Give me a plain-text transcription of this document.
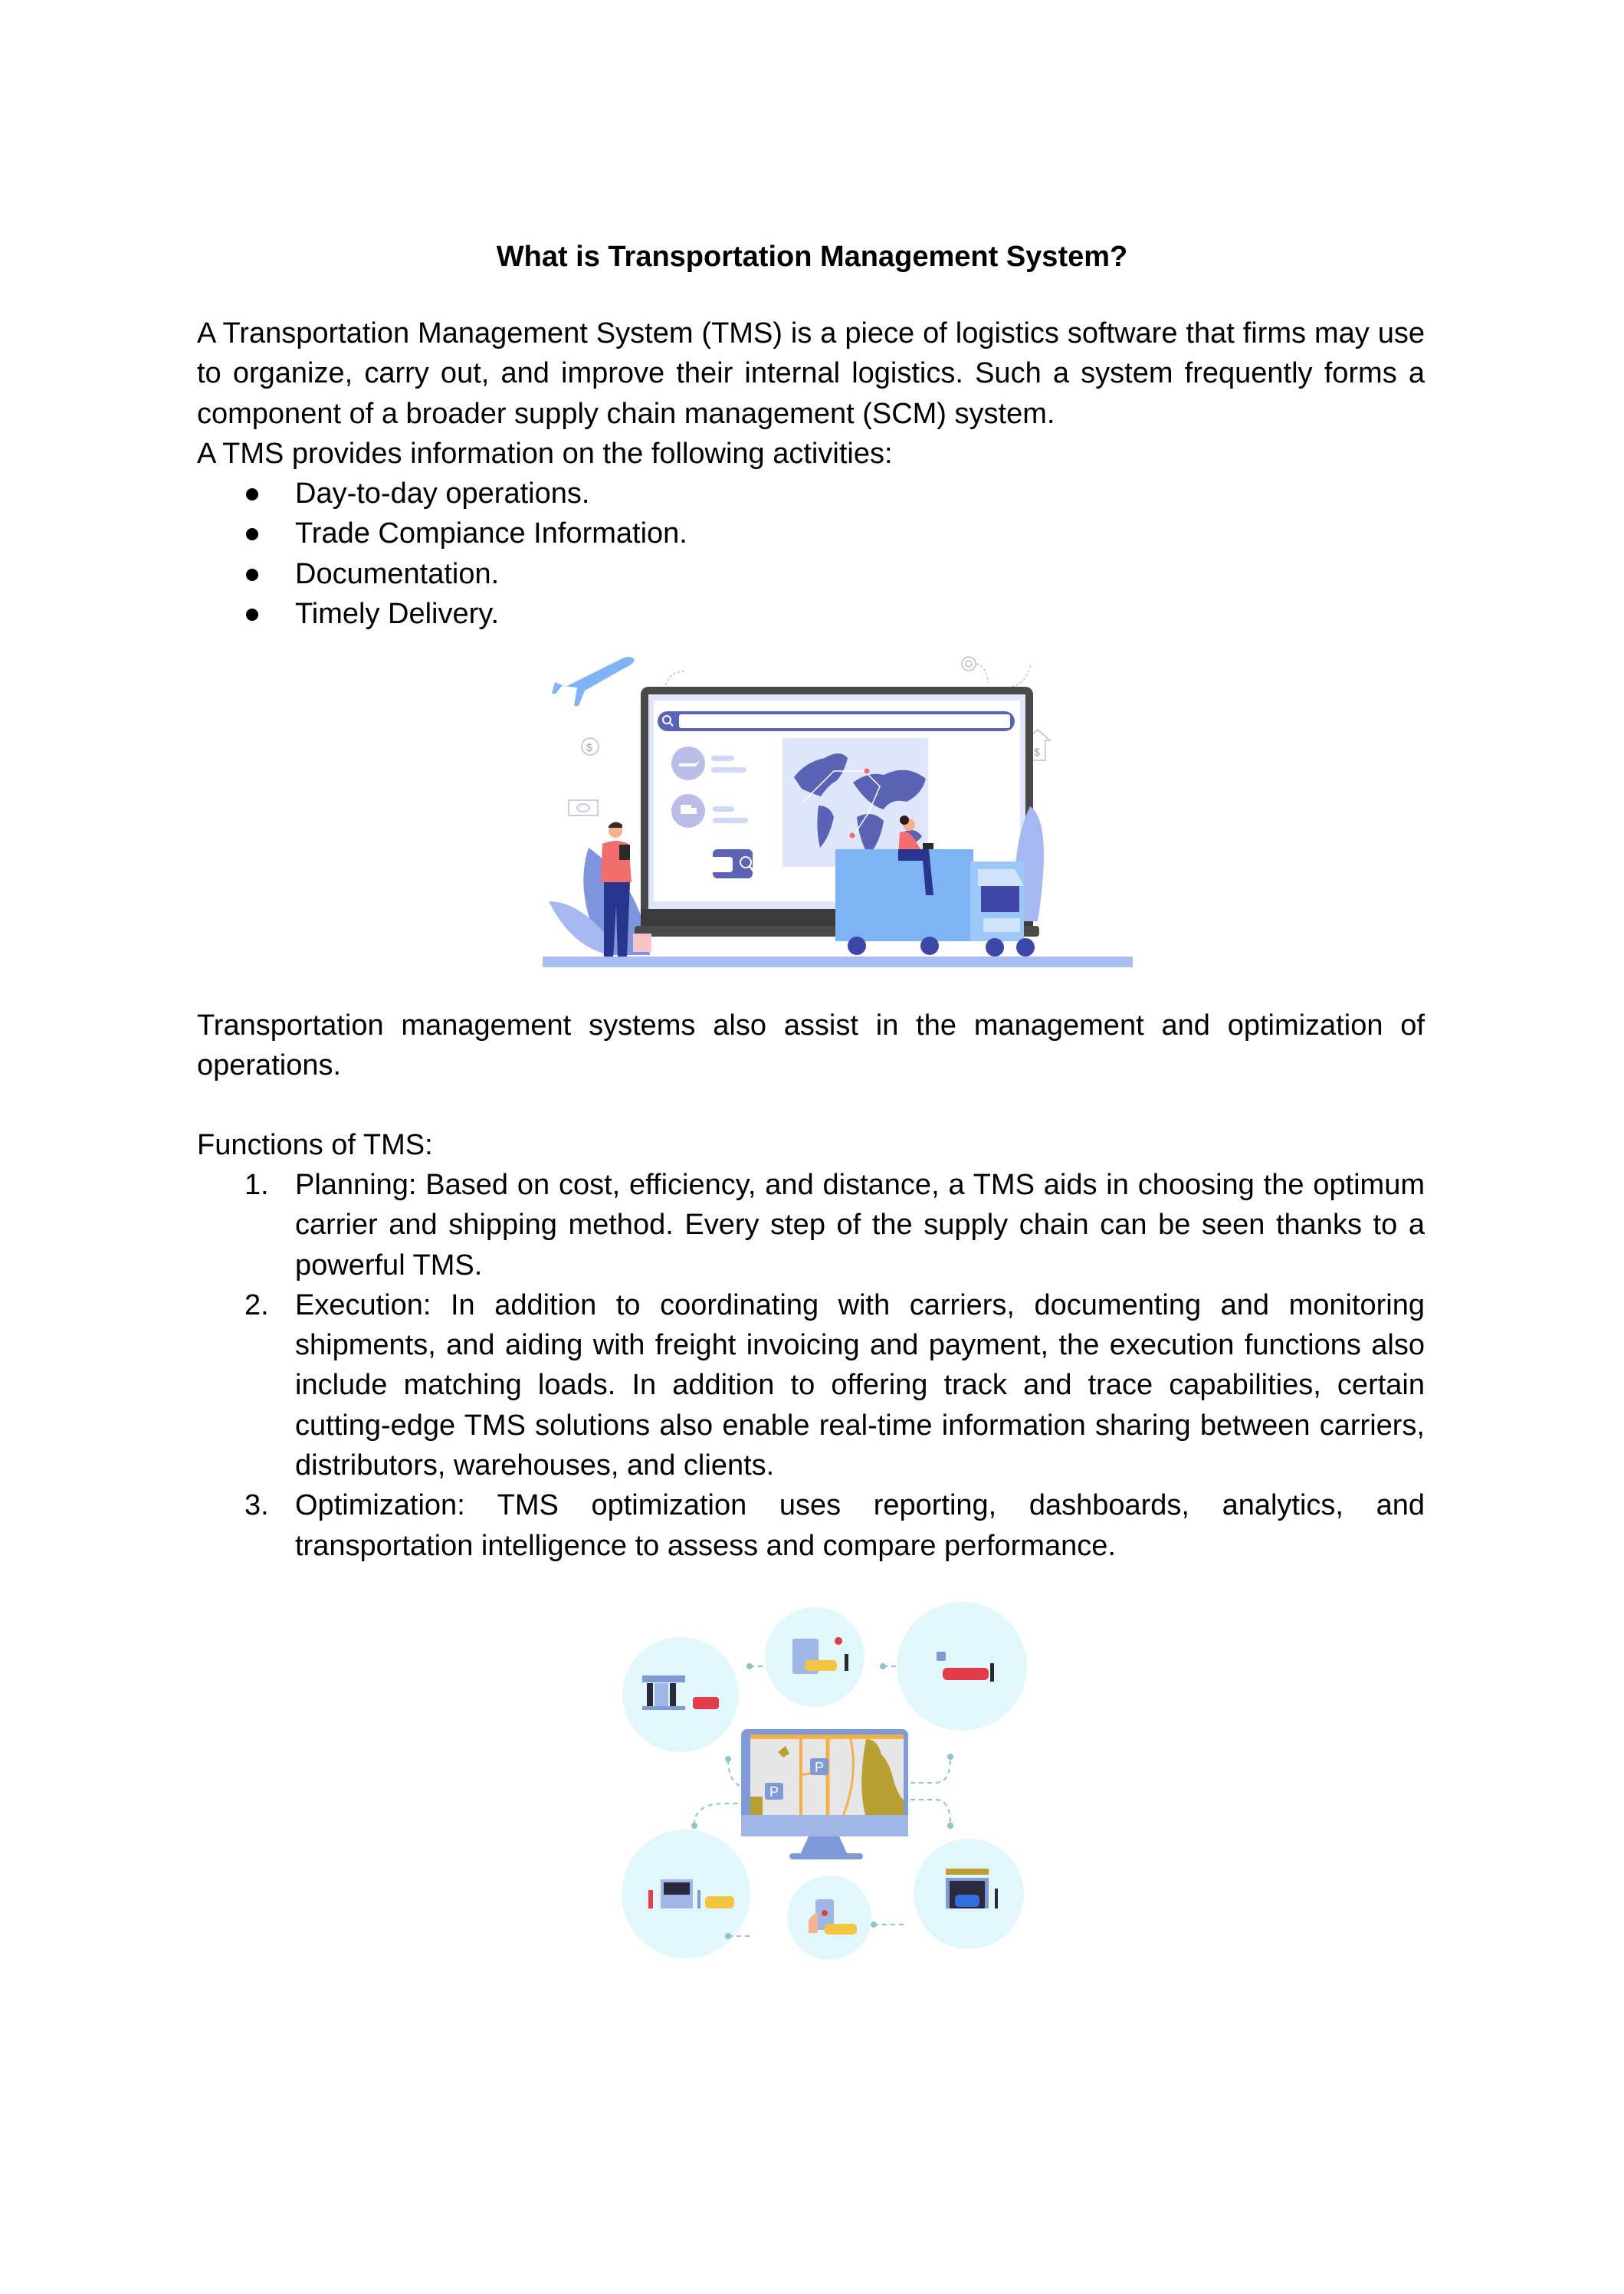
What is Transportation Management System?
A Transportation Management System (TMS) is a piece of logistics software that firms may use to organize, carry out, and improve their internal logistics. Such a system frequently forms a component of a broader supply chain management (SCM) system.
A TMS provides information on the following activities:
Day-to-day operations.
Trade Compiance Information.
Documentation.
Timely Delivery.
$	$
Transportation management systems also assist in the management and optimization of operations.
Functions of TMS:
1. Planning: Based on cost, efficiency, and distance, a TMS aids in choosing the optimum carrier and shipping method. Every step of the supply chain can be seen thanks to a powerful TMS.
2. Execution: In addition to coordinating with carriers, documenting and monitoring shipments, and aiding with freight invoicing and payment, the execution functions also include matching loads. In addition to offering track and trace capabilities, certain cutting-edge TMS solutions also enable real-time information sharing between carriers, distributors, warehouses, and clients.
3. Optimization: TMS optimization uses reporting, dashboards, analytics, and transportation intelligence to assess and compare performance.
P
P
